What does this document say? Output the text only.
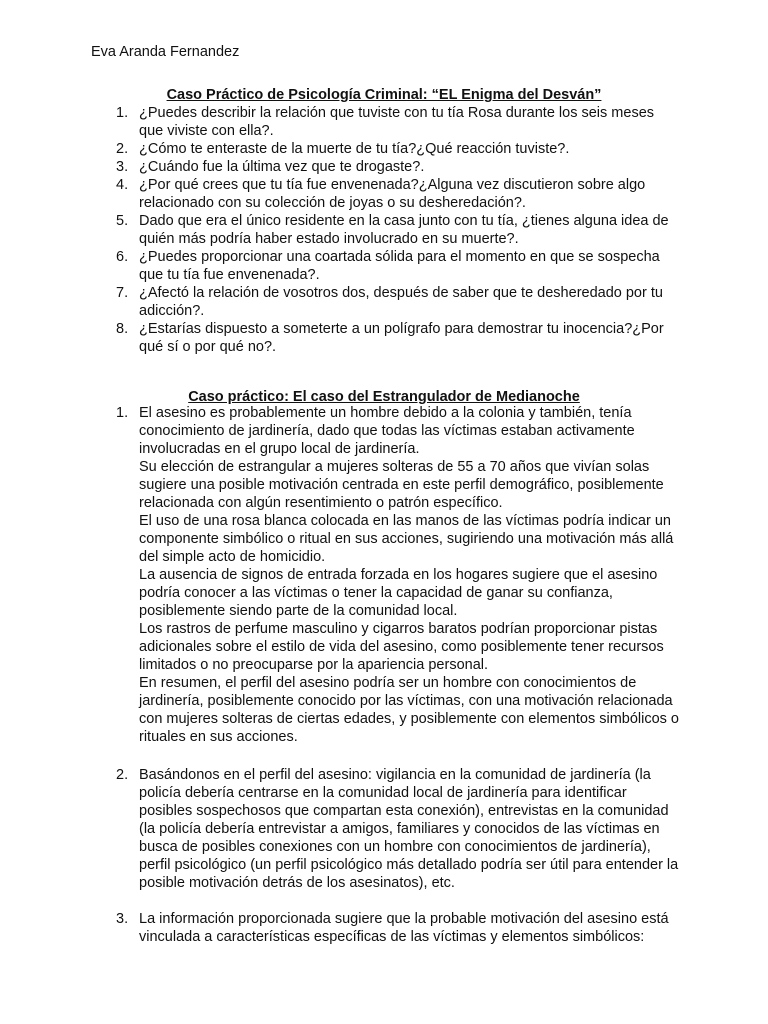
Eva Aranda Fernandez
Caso Práctico de Psicología Criminal: “EL Enigma del Desván”
1. ¿Puedes describir la relación que tuviste con tu tía Rosa durante los seis meses que viviste con ella?.
2. ¿Cómo te enteraste de la muerte de tu tía?¿Qué reacción tuviste?.
3. ¿Cuándo fue la última vez que te drogaste?.
4. ¿Por qué crees que tu tía fue envenenada?¿Alguna vez discutieron sobre algo relacionado con su colección de joyas o su desheredación?.
5. Dado que era el único residente en la casa junto con tu tía, ¿tienes alguna idea de quién más podría haber estado involucrado en su muerte?.
6. ¿Puedes proporcionar una coartada sólida para el momento en que se sospecha que tu tía fue envenenada?.
7. ¿Afectó la relación de vosotros dos, después de saber que te desheredado por tu adicción?.
8. ¿Estarías dispuesto a someterte a un polígrafo para demostrar tu inocencia?¿Por qué sí o por qué no?.
Caso práctico: El caso del Estrangulador de Medianoche
1. El asesino es probablemente un hombre debido a la colonia y también, tenía conocimiento de jardinería, dado que todas las víctimas estaban activamente involucradas en el grupo local de jardinería.
Su elección de estrangular a mujeres solteras de 55 a 70 años que vivían solas sugiere una posible motivación centrada en este perfil demográfico, posiblemente relacionada con algún resentimiento o patrón específico.
El uso de una rosa blanca colocada en las manos de las víctimas podría indicar un componente simbólico o ritual en sus acciones, sugiriendo una motivación más allá del simple acto de homicidio.
La ausencia de signos de entrada forzada en los hogares sugiere que el asesino podría conocer a las víctimas o tener la capacidad de ganar su confianza, posiblemente siendo parte de la comunidad local.
Los rastros de perfume masculino y cigarros baratos podrían proporcionar pistas adicionales sobre el estilo de vida del asesino, como posiblemente tener recursos limitados o no preocuparse por la apariencia personal.
En resumen, el perfil del asesino podría ser un hombre con conocimientos de jardinería, posiblemente conocido por las víctimas, con una motivación relacionada con mujeres solteras de ciertas edades, y posiblemente con elementos simbólicos o rituales en sus acciones.
2. Basándonos en el perfil del asesino: vigilancia en la comunidad de jardinería (la policía debería centrarse en la comunidad local de jardinería para identificar posibles sospechosos que compartan esta conexión), entrevistas en la comunidad (la policía debería entrevistar a amigos, familiares y conocidos de las víctimas en busca de posibles conexiones con un hombre con conocimientos de jardinería), perfil psicológico (un perfil psicológico más detallado podría ser útil para entender la posible motivación detrás de los asesinatos), etc.
3. La información proporcionada sugiere que la probable motivación del asesino está vinculada a características específicas de las víctimas y elementos simbólicos:
